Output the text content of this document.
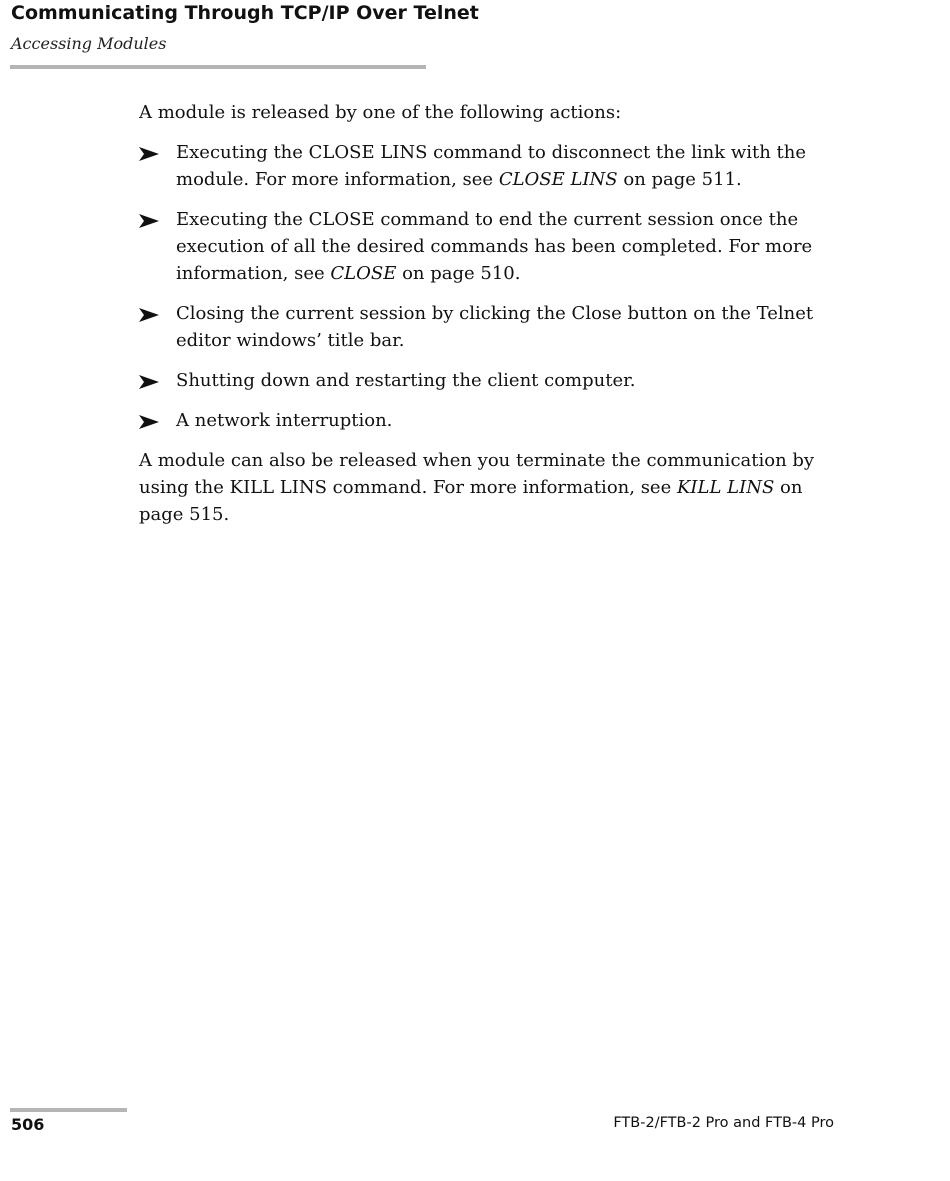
Communicating Through TCP/IP Over Telnet
Accessing Modules

A module is released by one of the following actions:

Executing the CLOSE LINS command to disconnect the link with the module. For more information, see CLOSE LINS on page 511.
Executing the CLOSE command to end the current session once the execution of all the desired commands has been completed. For more information, see CLOSE on page 510.
Closing the current session by clicking the Close button on the Telnet editor windows’ title bar.
Shutting down and restarting the client computer.
A network interruption.

A module can also be released when you terminate the communication by using the KILL LINS command. For more information, see KILL LINS on page 515.

506	FTB-2/FTB-2 Pro and FTB-4 Pro
